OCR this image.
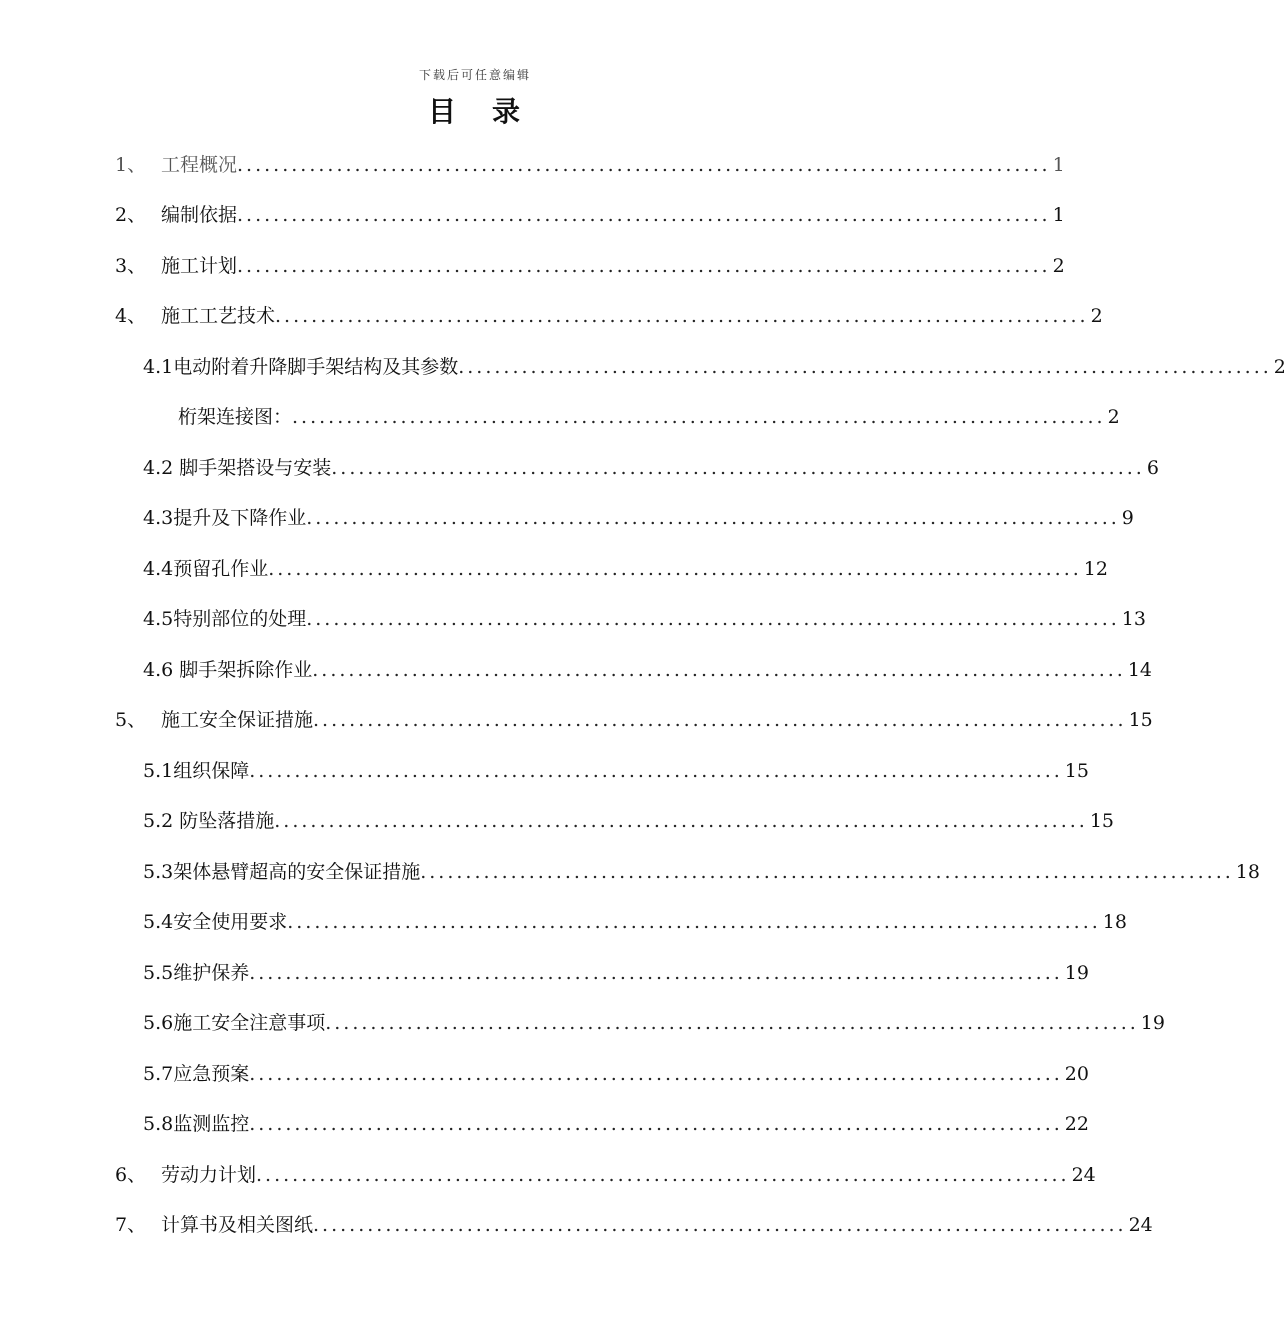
下载后可任意编辑
目 录
1、 工程概况 .......................................................................................... 1
2、 编制依据 .......................................................................................... 1
3、 施工计划 .......................................................................................... 2
4、 施工工艺技术 .......................................................................................... 2
4.1电动附着升降脚手架结构及其参数 .......................................................................................... 2
桁架连接图： .......................................................................................... 2
4.2 脚手架搭设与安装 .......................................................................................... 6
4.3提升及下降作业 .......................................................................................... 9
4.4预留孔作业 .......................................................................................... 12
4.5特别部位的处理 .......................................................................................... 13
4.6 脚手架拆除作业 .......................................................................................... 14
5、 施工安全保证措施 .......................................................................................... 15
5.1组织保障 .......................................................................................... 15
5.2 防坠落措施 .......................................................................................... 15
5.3架体悬臂超高的安全保证措施 .......................................................................................... 18
5.4安全使用要求 .......................................................................................... 18
5.5维护保养 .......................................................................................... 19
5.6施工安全注意事项 .......................................................................................... 19
5.7应急预案 .......................................................................................... 20
5.8监测监控 .......................................................................................... 22
6、 劳动力计划 .......................................................................................... 24
7、 计算书及相关图纸 .......................................................................................... 24
